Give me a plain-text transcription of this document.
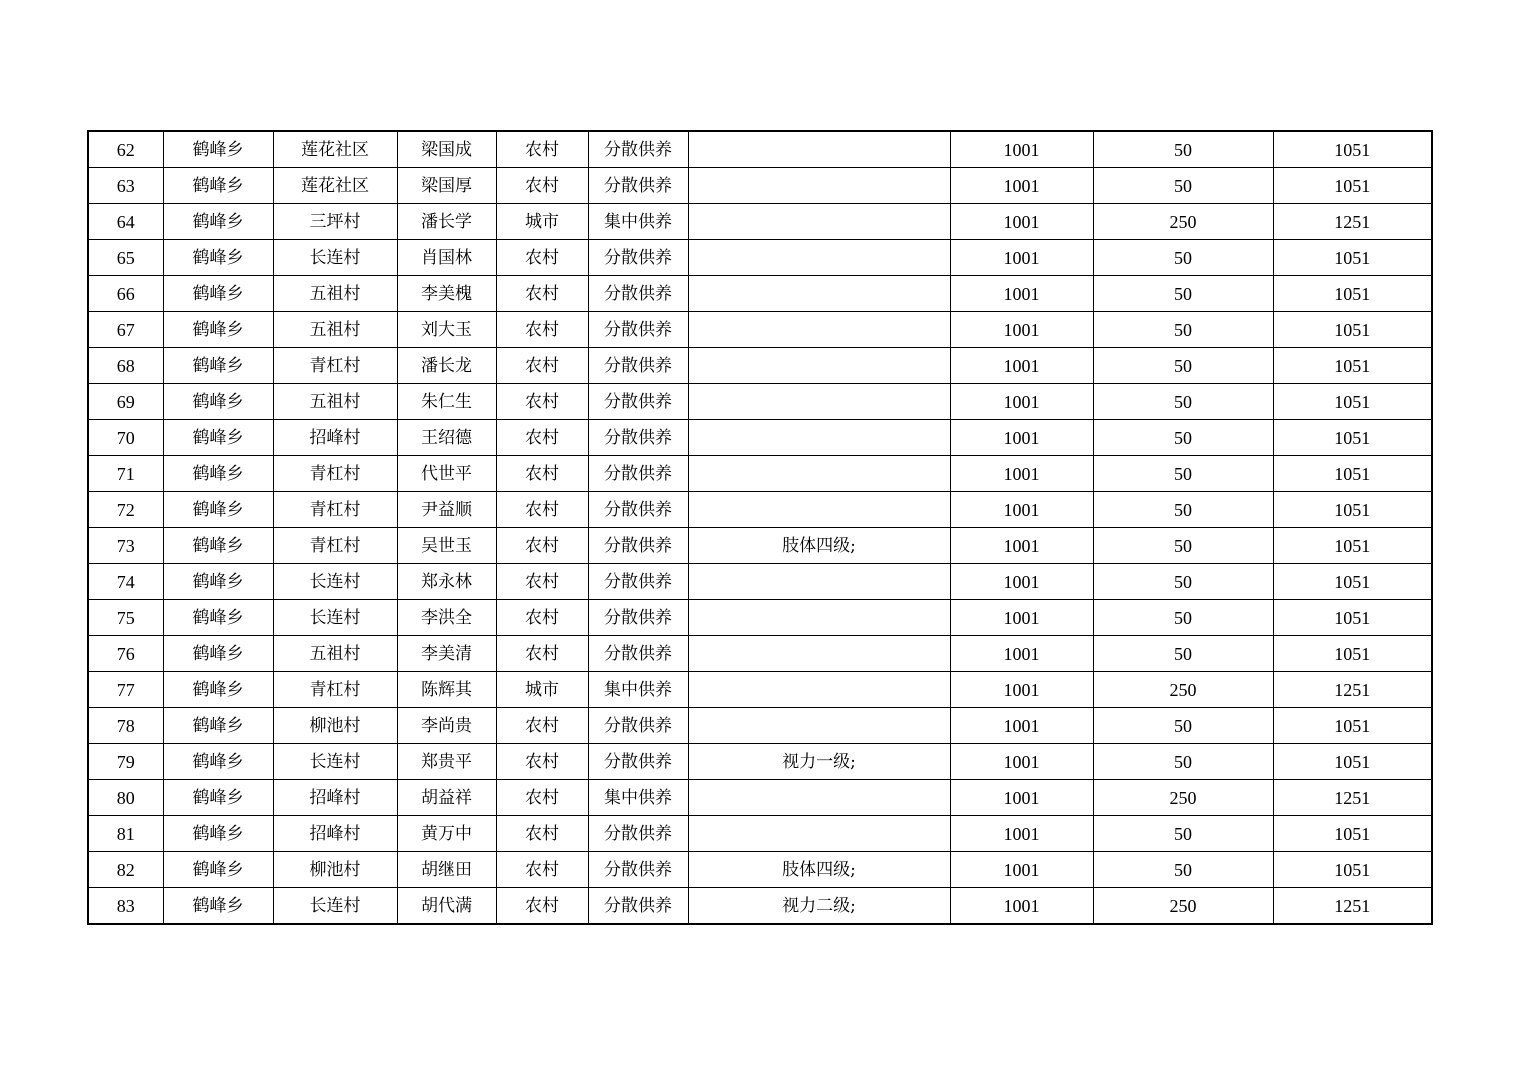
62	鹤峰乡	莲花社区	梁国成	农村	分散供养		1001	50	1051
63	鹤峰乡	莲花社区	梁国厚	农村	分散供养		1001	50	1051
64	鹤峰乡	三坪村	潘长学	城市	集中供养		1001	250	1251
65	鹤峰乡	长连村	肖国林	农村	分散供养		1001	50	1051
66	鹤峰乡	五祖村	李美槐	农村	分散供养		1001	50	1051
67	鹤峰乡	五祖村	刘大玉	农村	分散供养		1001	50	1051
68	鹤峰乡	青杠村	潘长龙	农村	分散供养		1001	50	1051
69	鹤峰乡	五祖村	朱仁生	农村	分散供养		1001	50	1051
70	鹤峰乡	招峰村	王绍德	农村	分散供养		1001	50	1051
71	鹤峰乡	青杠村	代世平	农村	分散供养		1001	50	1051
72	鹤峰乡	青杠村	尹益顺	农村	分散供养		1001	50	1051
73	鹤峰乡	青杠村	吴世玉	农村	分散供养	肢体四级;	1001	50	1051
74	鹤峰乡	长连村	郑永林	农村	分散供养		1001	50	1051
75	鹤峰乡	长连村	李洪全	农村	分散供养		1001	50	1051
76	鹤峰乡	五祖村	李美清	农村	分散供养		1001	50	1051
77	鹤峰乡	青杠村	陈辉其	城市	集中供养		1001	250	1251
78	鹤峰乡	柳池村	李尚贵	农村	分散供养		1001	50	1051
79	鹤峰乡	长连村	郑贵平	农村	分散供养	视力一级;	1001	50	1051
80	鹤峰乡	招峰村	胡益祥	农村	集中供养		1001	250	1251
81	鹤峰乡	招峰村	黄万中	农村	分散供养		1001	50	1051
82	鹤峰乡	柳池村	胡继田	农村	分散供养	肢体四级;	1001	50	1051
83	鹤峰乡	长连村	胡代满	农村	分散供养	视力二级;	1001	250	1251
